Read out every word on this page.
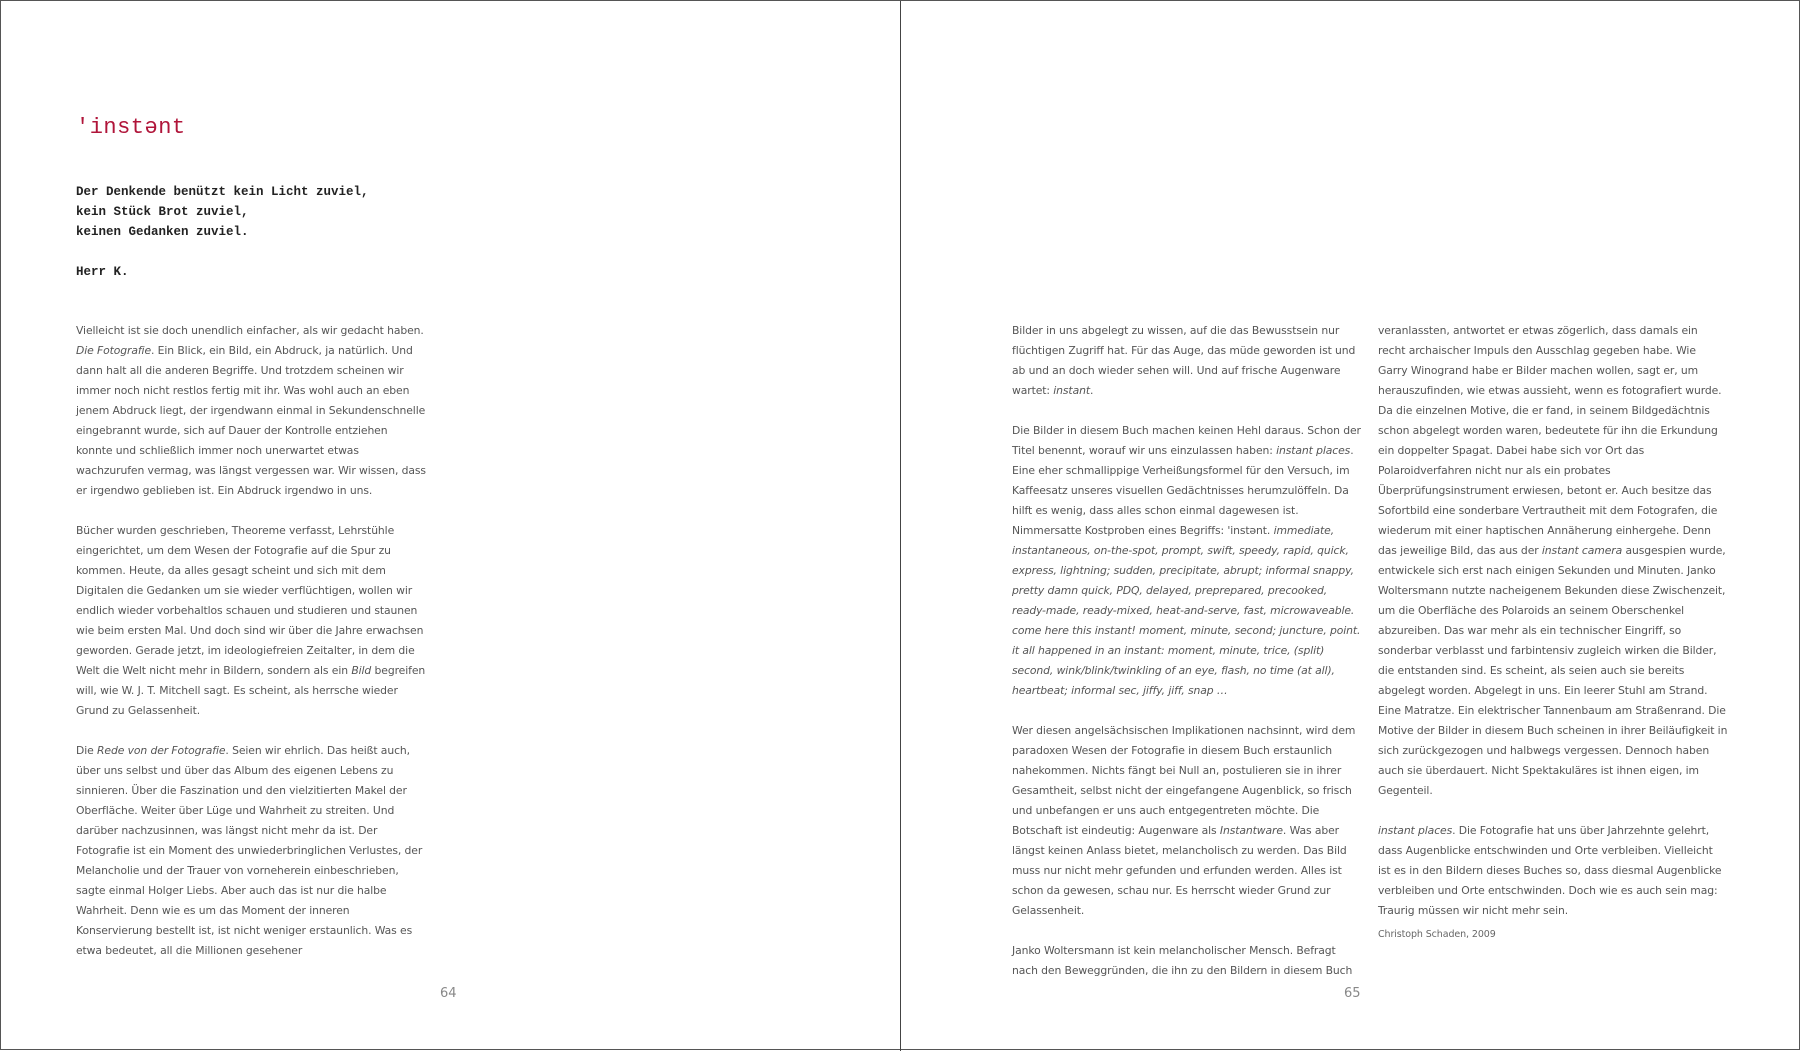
'instənt
Der Denkende benützt kein Licht zuviel,
kein Stück Brot zuviel,
keinen Gedanken zuviel.
Herr K.

Vielleicht ist sie doch unendlich einfacher, als wir gedacht haben. Die Fotografie. Ein Blick, ein Bild, ein Abdruck, ja natürlich. Und dann halt all die anderen Begriffe. Und trotzdem scheinen wir immer noch nicht restlos fertig mit ihr. Was wohl auch an eben jenem Abdruck liegt, der irgendwann einmal in Sekundenschnelle eingebrannt wurde, sich auf Dauer der Kontrolle entziehen konnte und schließlich immer noch unerwartet etwas wachzurufen vermag, was längst vergessen war. Wir wissen, dass er irgendwo geblieben ist. Ein Abdruck irgendwo in uns.

Bücher wurden geschrieben, Theoreme verfasst, Lehrstühle eingerichtet, um dem Wesen der Fotografie auf die Spur zu kommen. Heute, da alles gesagt scheint und sich mit dem Digitalen die Gedanken um sie wieder verflüchtigen, wollen wir endlich wieder vorbehaltlos schauen und studieren und staunen wie beim ersten Mal. Und doch sind wir über die Jahre erwachsen geworden. Gerade jetzt, im ideologiefreien Zeitalter, in dem die Welt die Welt nicht mehr in Bildern, sondern als ein Bild begreifen will, wie W. J. T. Mitchell sagt. Es scheint, als herrsche wieder Grund zu Gelassenheit.

Die Rede von der Fotografie. Seien wir ehrlich. Das heißt auch, über uns selbst und über das Album des eigenen Lebens zu sinnieren. Über die Faszination und den vielzitierten Makel der Oberfläche. Weiter über Lüge und Wahrheit zu streiten. Und darüber nachzusinnen, was längst nicht mehr da ist. Der Fotografie ist ein Moment des unwiederbringlichen Verlustes, der Melancholie und der Trauer von vorneherein einbeschrieben, sagte einmal Holger Liebs. Aber auch das ist nur die halbe Wahrheit. Denn wie es um das Moment der inneren Konservierung bestellt ist, ist nicht weniger erstaunlich. Was es etwa bedeutet, all die Millionen gesehener

64

Bilder in uns abgelegt zu wissen, auf die das Bewusstsein nur flüchtigen Zugriff hat. Für das Auge, das müde geworden ist und ab und an doch wieder sehen will. Und auf frische Augenware wartet: instant.

Die Bilder in diesem Buch machen keinen Hehl daraus. Schon der Titel benennt, worauf wir uns einzulassen haben: instant places. Eine eher schmallippige Verheißungsformel für den Versuch, im Kaffeesatz unseres visuellen Gedächtnisses herumzulöffeln. Da hilft es wenig, dass alles schon einmal dagewesen ist. Nimmersatte Kostproben eines Begriffs: 'instənt. immediate, instantaneous, on-the-spot, prompt, swift, speedy, rapid, quick, express, lightning; sudden, precipitate, abrupt; informal snappy, pretty damn quick, PDQ, delayed, preprepared, precooked, ready-made, ready-mixed, heat-and-serve, fast, microwaveable. come here this instant! moment, minute, second; juncture, point. it all happened in an instant: moment, minute, trice, (split) second, wink/blink/twinkling of an eye, flash, no time (at all), heartbeat; informal sec, jiffy, jiff, snap …

Wer diesen angelsächsischen Implikationen nachsinnt, wird dem paradoxen Wesen der Fotografie in diesem Buch erstaunlich nahekommen. Nichts fängt bei Null an, postulieren sie in ihrer Gesamtheit, selbst nicht der eingefangene Augenblick, so frisch und unbefangen er uns auch entgegentreten möchte. Die Botschaft ist eindeutig: Augenware als Instantware. Was aber längst keinen Anlass bietet, melancholisch zu werden. Das Bild muss nur nicht mehr gefunden und erfunden werden. Alles ist schon da gewesen, schau nur. Es herrscht wieder Grund zur Gelassenheit.

Janko Woltersmann ist kein melancholischer Mensch. Befragt nach den Beweggründen, die ihn zu den Bildern in diesem Buch

veranlassten, antwortet er etwas zögerlich, dass damals ein recht archaischer Impuls den Ausschlag gegeben habe. Wie Garry Winogrand habe er Bilder machen wollen, sagt er, um herauszufinden, wie etwas aussieht, wenn es fotografiert wurde. Da die einzelnen Motive, die er fand, in seinem Bildgedächtnis schon abgelegt worden waren, bedeutete für ihn die Erkundung ein doppelter Spagat. Dabei habe sich vor Ort das Polaroidverfahren nicht nur als ein probates Überprüfungsinstrument erwiesen, betont er. Auch besitze das Sofortbild eine sonderbare Vertrautheit mit dem Fotografen, die wiederum mit einer haptischen Annäherung einhergehe. Denn das jeweilige Bild, das aus der instant camera ausgespien wurde, entwickele sich erst nach einigen Sekunden und Minuten. Janko Woltersmann nutzte nacheigenem Bekunden diese Zwischenzeit, um die Oberfläche des Polaroids an seinem Oberschenkel abzureiben. Das war mehr als ein technischer Eingriff, so sonderbar verblasst und farbintensiv zugleich wirken die Bilder, die entstanden sind. Es scheint, als seien auch sie bereits abgelegt worden. Abgelegt in uns. Ein leerer Stuhl am Strand. Eine Matratze. Ein elektrischer Tannenbaum am Straßenrand. Die Motive der Bilder in diesem Buch scheinen in ihrer Beiläufigkeit in sich zurückgezogen und halbwegs vergessen. Dennoch haben auch sie überdauert. Nicht Spektakuläres ist ihnen eigen, im Gegenteil.

instant places. Die Fotografie hat uns über Jahrzehnte gelehrt, dass Augenblicke entschwinden und Orte verbleiben. Vielleicht ist es in den Bildern dieses Buches so, dass diesmal Augenblicke verbleiben und Orte entschwinden. Doch wie es auch sein mag: Traurig müssen wir nicht mehr sein.

Christoph Schaden, 2009
65
